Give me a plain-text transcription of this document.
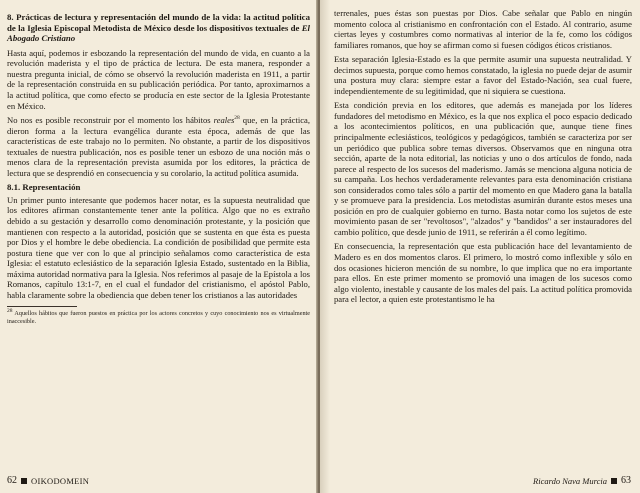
8. Prácticas de lectura y representación del mundo de la vida: la actitud política de la Iglesia Episcopal Metodista de México desde los dispositivos textuales de El Abogado Cristiano

Hasta aquí, podemos ir esbozando la representación del mundo de vida, en cuanto a la revolución maderista y el tipo de práctica de lectura. De esta manera, responder a nuestra pregunta inicial, de cómo se observó la revolución maderista en 1911, a partir de la representación construida en su publicación periódica. Por tanto, aproximarnos a la actitud política, que como efecto se producía en este sector de la Iglesia Protestante en México.

No nos es posible reconstruir por el momento los hábitos reales$^{28}$ que, en la práctica, dieron forma a la lectura evangélica durante esta época, además de que las características de este trabajo no lo permiten. No obstante, a partir de los dispositivos textuales de nuestra publicación, nos es posible tener un esbozo de una noción más o menos clara de la representación prevista asumida por los editores, la práctica de lectura que se desprendió en consecuencia y su corolario, la actitud política asumida.

8.1. Representación

Un primer punto interesante que podemos hacer notar, es la supuesta neutralidad que los editores afirman constantemente tener ante la política. Algo que no es extraño debido a su gestación y desarrollo como denominación protestante, y la posición que mantienen con respecto a la autoridad, posición que se sustenta en que ésta es puesta por Dios y el hombre le debe obediencia. La condición de posibilidad que permite esta postura tiene que ver con lo que al principio señalamos como característica de esta Iglesia: el estatuto eclesiástico de la separación Iglesia Estado, sustentado en la Biblia, máxima autoridad normativa para la Iglesia. Nos referimos al pasaje de la Epístola a los Romanos, capítulo 13:1-7, en el cual el fundador del cristianismo, el apóstol Pablo, habla claramente sobre la obediencia que deben tener los cristianos a las autoridades

$^{28}$ Aquellos hábitos que fueron puestos en práctica por los actores concretos y cuyo conocimiento nos es virtualmente inaccesible.
62 OIKODOMEIN

terrenales, pues éstas son puestas por Dios. Cabe señalar que Pablo en ningún momento coloca al cristianismo en confrontación con el Estado. Al contrario, asume ciertas leyes y costumbres como normativas al interior de la fe, como los códigos familiares romanos, que hoy se afirman como si fuesen códigos éticos cristianos.

Esta separación Iglesia-Estado es la que permite asumir una supuesta neutralidad. Y decimos supuesta, porque como hemos constatado, la iglesia no puede dejar de asumir una postura muy clara: siempre estar a favor del Estado-Nación, sea cual fuere, independientemente de su legitimidad, que ni siquiera se cuestiona.

Esta condición previa en los editores, que además es manejada por los líderes fundadores del metodismo en México, es la que nos explica el poco espacio dedicado a los acontecimientos políticos, en una publicación que, aunque tiene fines principalmente eclesiásticos, teológicos y pedagógicos, también se caracteriza por ser un periódico que publica sobre temas diversos. Observamos que en ninguna otra sección, aparte de la nota editorial, las noticias y uno o dos artículos de fondo, nada parece al respecto de los sucesos del maderismo. Jamás se menciona alguna noticia de su campaña. Los hechos verdaderamente relevantes para esta denominación cristiana son considerados como tales sólo a partir del momento en que Madero gana la batalla y se promueve para la presidencia. Los metodistas asumirán durante estos meses una posición en pro de cualquier gobierno en turno. Basta notar como los sujetos de este movimiento pasan de ser "revoltosos", "alzados" y "bandidos" a ser instauradores del cambio político, que desde junio de 1911, se referirán a él como legítimo.

En consecuencia, la representación que esta publicación hace del levantamiento de Madero es en dos momentos claros. El primero, lo mostró como inflexible y sólo en dos ocasiones hicieron mención de su nombre, lo que implica que no era importante para ellos. En este primer momento se promovió una imagen de los sucesos como algo violento, inestable y causante de los males del país. La actitud política promovida para el lector, a quien este protestantismo le ha

Ricardo Nava Murcia 63
